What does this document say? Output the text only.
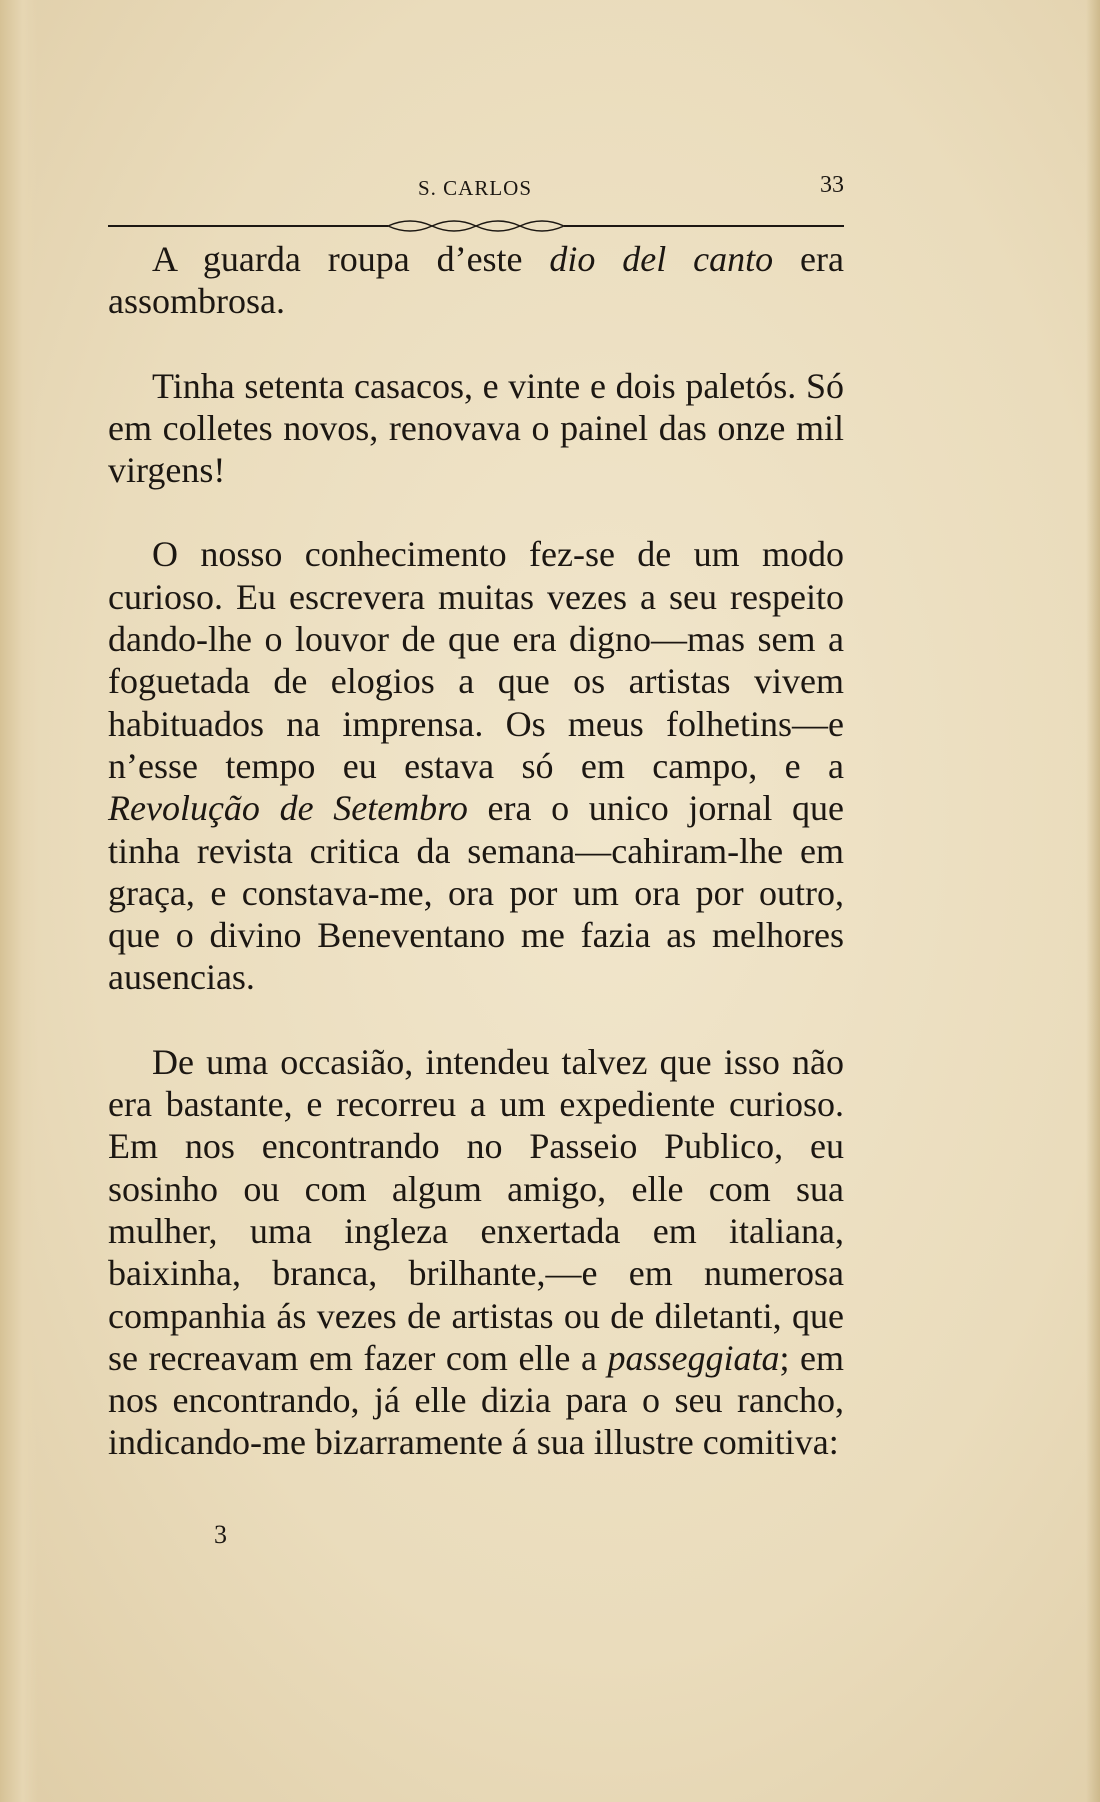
S. CARLOS	33

A guarda roupa d’este dio del canto era assombrosa.

Tinha setenta casacos, e vinte e dois paletós. Só em colletes novos, renovava o painel das onze mil virgens!

O nosso conhecimento fez-se de um modo curioso. Eu escrevera muitas vezes a seu respeito dando-lhe o louvor de que era digno—mas sem a foguetada de elogios a que os artistas vivem habituados na imprensa. Os meus folhetins—e n’esse tempo eu estava só em campo, e a Revolução de Setembro era o unico jornal que tinha revista critica da semana—cahiram-lhe em graça, e constava-me, ora por um ora por outro, que o divino Beneventano me fazia as melhores ausencias.

De uma occasião, intendeu talvez que isso não era bastante, e recorreu a um expediente curioso. Em nos encontrando no Passeio Publico, eu sosinho ou com algum amigo, elle com sua mulher, uma ingleza enxertada em italiana, baixinha, branca, brilhante,—e em numerosa companhia ás vezes de artistas ou de diletanti, que se recreavam em fazer com elle a passeggiata; em nos encontrando, já elle dizia para o seu rancho, indicando-me bizarramente á sua illustre comitiva:

3
